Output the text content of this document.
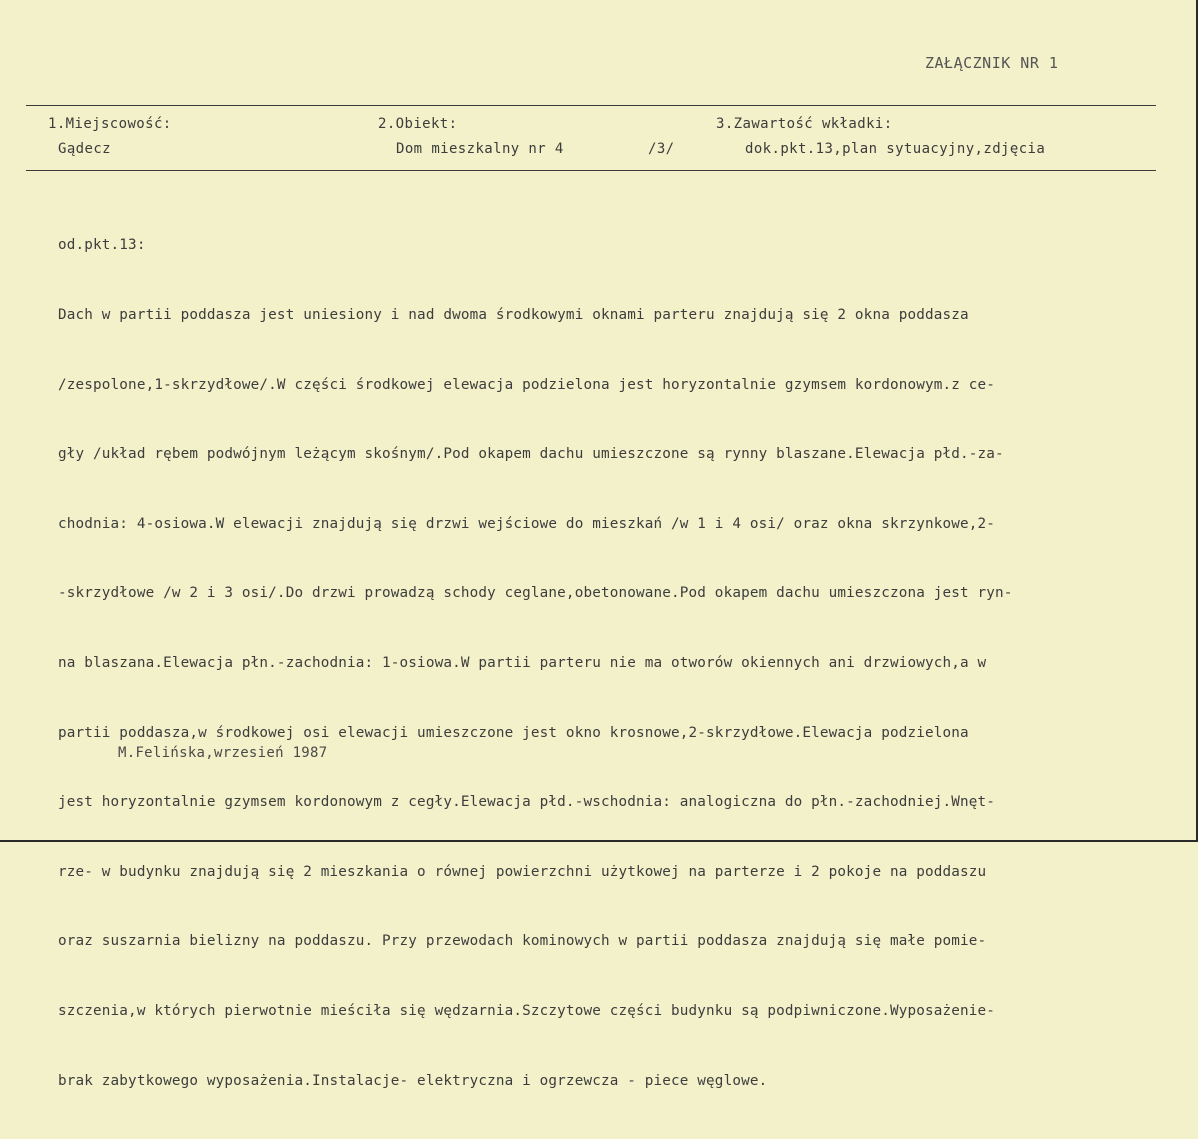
ZAŁĄCZNIK NR 1
1.Miejscowość:
Gądecz
2.Obiekt:
Dom mieszkalny nr 4	/3/
3.Zawartość wkładki:
dok.pkt.13,plan sytuacyjny,zdjęcia

od.pkt.13:

Dach w partii poddasza jest uniesiony i nad dwoma środkowymi oknami parteru znajdują się 2 okna poddasza

/zespolone,1-skrzydłowe/.W części środkowej elewacja podzielona jest horyzontalnie gzymsem kordonowym.z ce-

gły /układ rębem podwójnym leżącym skośnym/.Pod okapem dachu umieszczone są rynny blaszane.Elewacja płd.-za-

chodnia: 4-osiowa.W elewacji znajdują się drzwi wejściowe do mieszkań /w 1 i 4 osi/ oraz okna skrzynkowe,2-

-skrzydłowe /w 2 i 3 osi/.Do drzwi prowadzą schody ceglane,obetonowane.Pod okapem dachu umieszczona jest ryn-

na blaszana.Elewacja płn.-zachodnia: 1-osiowa.W partii parteru nie ma otworów okiennych ani drzwiowych,a w

partii poddasza,w środkowej osi elewacji umieszczone jest okno krosnowe,2-skrzydłowe.Elewacja podzielona

jest horyzontalnie gzymsem kordonowym z cegły.Elewacja płd.-wschodnia: analogiczna do płn.-zachodniej.Wnęt-

rze- w budynku znajdują się 2 mieszkania o równej powierzchni użytkowej na parterze i 2 pokoje na poddaszu

oraz suszarnia bielizny na poddaszu. Przy przewodach kominowych w partii poddasza znajdują się małe pomie-

szczenia,w których pierwotnie mieściła się wędzarnia.Szczytowe części budynku są podpiwniczone.Wyposażenie-

brak zabytkowego wyposażenia.Instalacje- elektryczna i ogrzewcza - piece węglowe.

M.Felińska,wrzesień 1987
